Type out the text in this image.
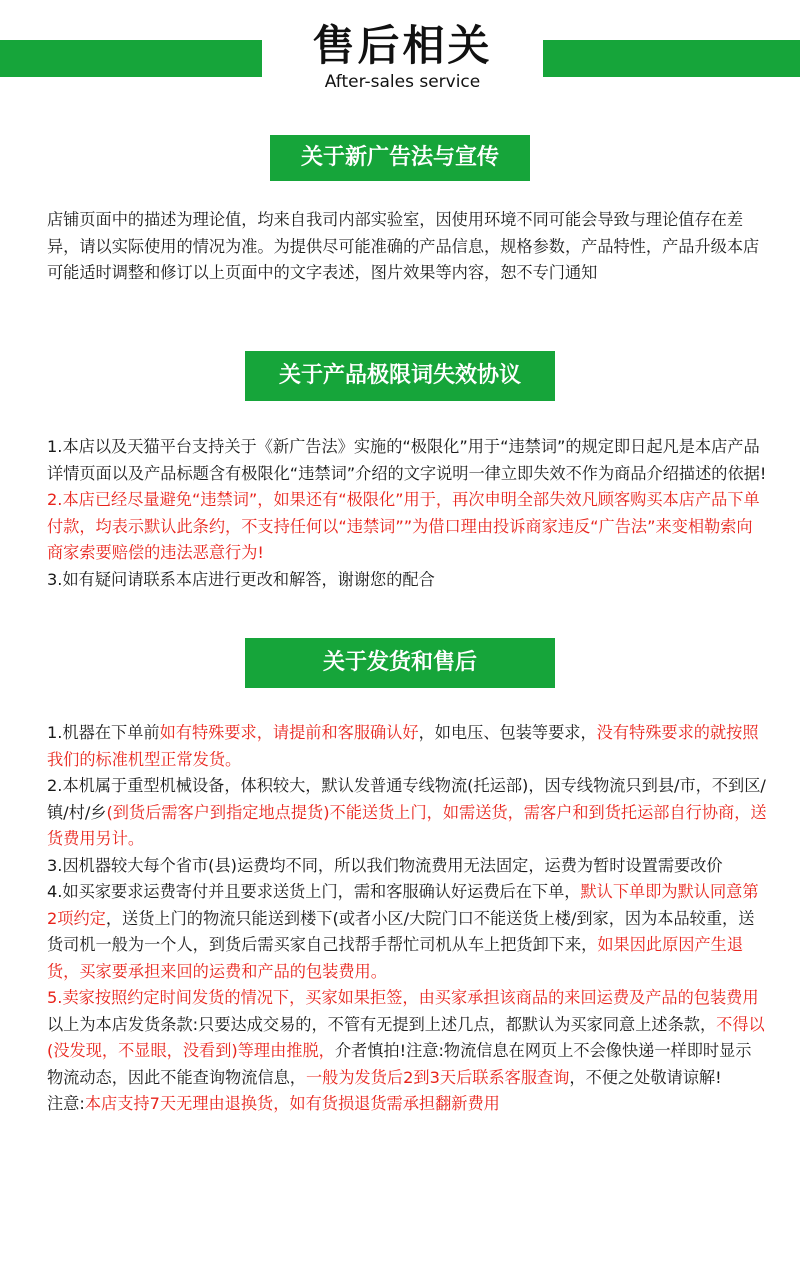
售后相关
After-sales service
关于新广告法与宣传
店铺页面中的描述为理论值，均来自我司内部实验室，因使用环境不同可能会导致与理论值存在差异，请以实际使用的情况为准。为提供尽可能准确的产品信息，规格参数，产品特性，产品升级本店可能适时调整和修订以上页面中的文字表述，图片效果等内容，恕不专门通知
关于产品极限词失效协议
1.本店以及天猫平台支持关于《新广告法》实施的“极限化”用于“违禁词”的规定即日起凡是本店产品详情页面以及产品标题含有极限化“违禁词”介绍的文字说明一律立即失效不作为商品介绍描述的依据!
2.本店已经尽量避免“违禁词”，如果还有“极限化”用于，再次申明全部失效凡顾客购买本店产品下单付款，均表示默认此条约，不支持任何以“违禁词””为借口理由投诉商家违反“广告法”来变相勒索向商家索要赔偿的违法恶意行为!
3.如有疑问请联系本店进行更改和解答，谢谢您的配合
关于发货和售后
1.机器在下单前如有特殊要求，请提前和客服确认好，如电压、包装等要求，没有特殊要求的就按照我们的标准机型正常发货。
2.本机属于重型机械设备，体积较大，默认发普通专线物流(托运部)，因专线物流只到县/市，不到区/镇/村/乡(到货后需客户到指定地点提货)不能送货上门，如需送货，需客户和到货托运部自行协商，送货费用另计。
3.因机器较大每个省市(县)运费均不同，所以我们物流费用无法固定，运费为暂时设置需要改价
4.如买家要求运费寄付并且要求送货上门，需和客服确认好运费后在下单，默认下单即为默认同意第2项约定，送货上门的物流只能送到楼下(或者小区/大院门口不能送货上楼/到家，因为本品较重，送货司机一般为一个人，到货后需买家自己找帮手帮忙司机从车上把货卸下来，如果因此原因产生退货，买家要承担来回的运费和产品的包装费用。
5.卖家按照约定时间发货的情况下，买家如果拒签，由买家承担该商品的来回运费及产品的包装费用
以上为本店发货条款:只要达成交易的，不管有无提到上述几点，都默认为买家同意上述条款，不得以(没发现，不显眼，没看到)等理由推脱，介者慎拍!注意:物流信息在网页上不会像快递一样即时显示物流动态，因此不能查询物流信息，一般为发货后2到3天后联系客服查询，不便之处敬请谅解!
注意:本店支持7天无理由退换货，如有货损退货需承担翻新费用
